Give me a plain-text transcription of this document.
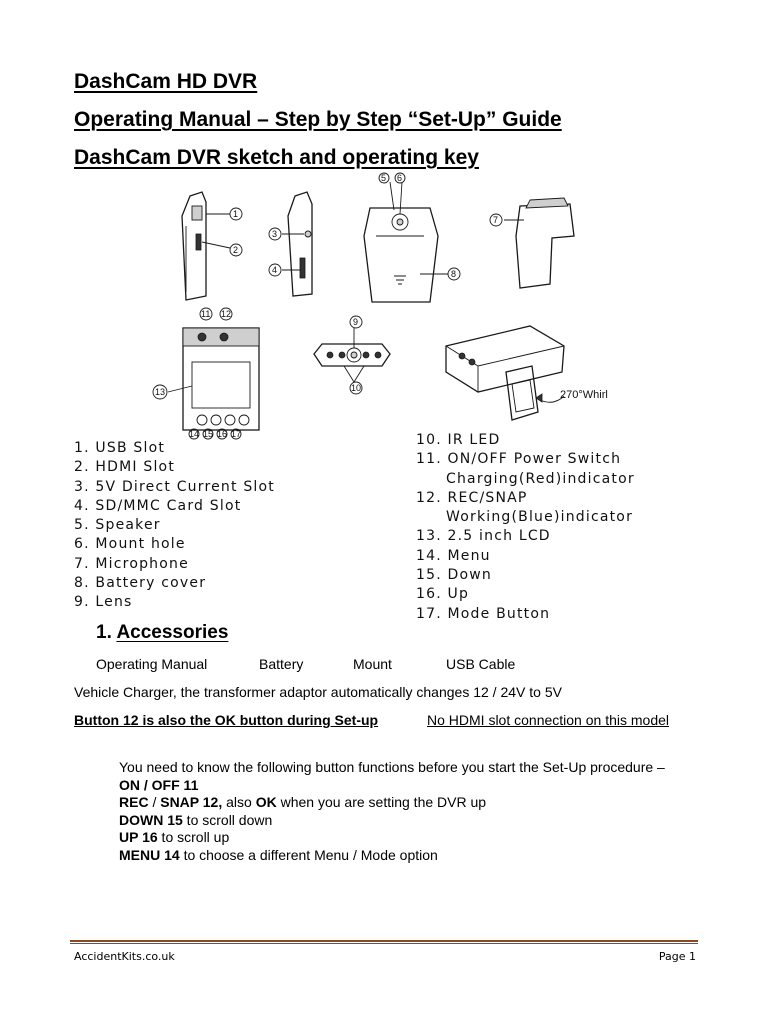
DashCam HD DVR
Operating Manual – Step by Step “Set-Up” Guide
DashCam DVR sketch and operating key
1
2
3
4
5 6
8
7
11 12
13
9
10
270°Whirl
14 15 16 17
1. USB Slot
2. HDMI Slot
3. 5V Direct Current Slot
4. SD/MMC Card Slot
5. Speaker
6. Mount hole
7. Microphone
8. Battery cover
9. Lens
10. IR LED
11. ON/OFF Power Switch
Charging(Red)indicator
12. REC/SNAP
Working(Blue)indicator
13. 2.5 inch LCD
14. Menu
15. Down
16. Up
17. Mode Button
1. Accessories
Operating Manual	Battery	Mount	USB Cable
Vehicle Charger, the transformer adaptor automatically changes 12 / 24V to 5V
Button 12 is also the OK button during Set-up	No HDMI slot connection on this model

You need to know the following button functions before you start the Set-Up procedure –

ON / OFF 11

REC / SNAP 12, also OK when you are setting the DVR up

DOWN 15 to scroll down

UP 16 to scroll up

MENU 14 to choose a different Menu / Mode option

AccidentKits.co.uk	Page 1
